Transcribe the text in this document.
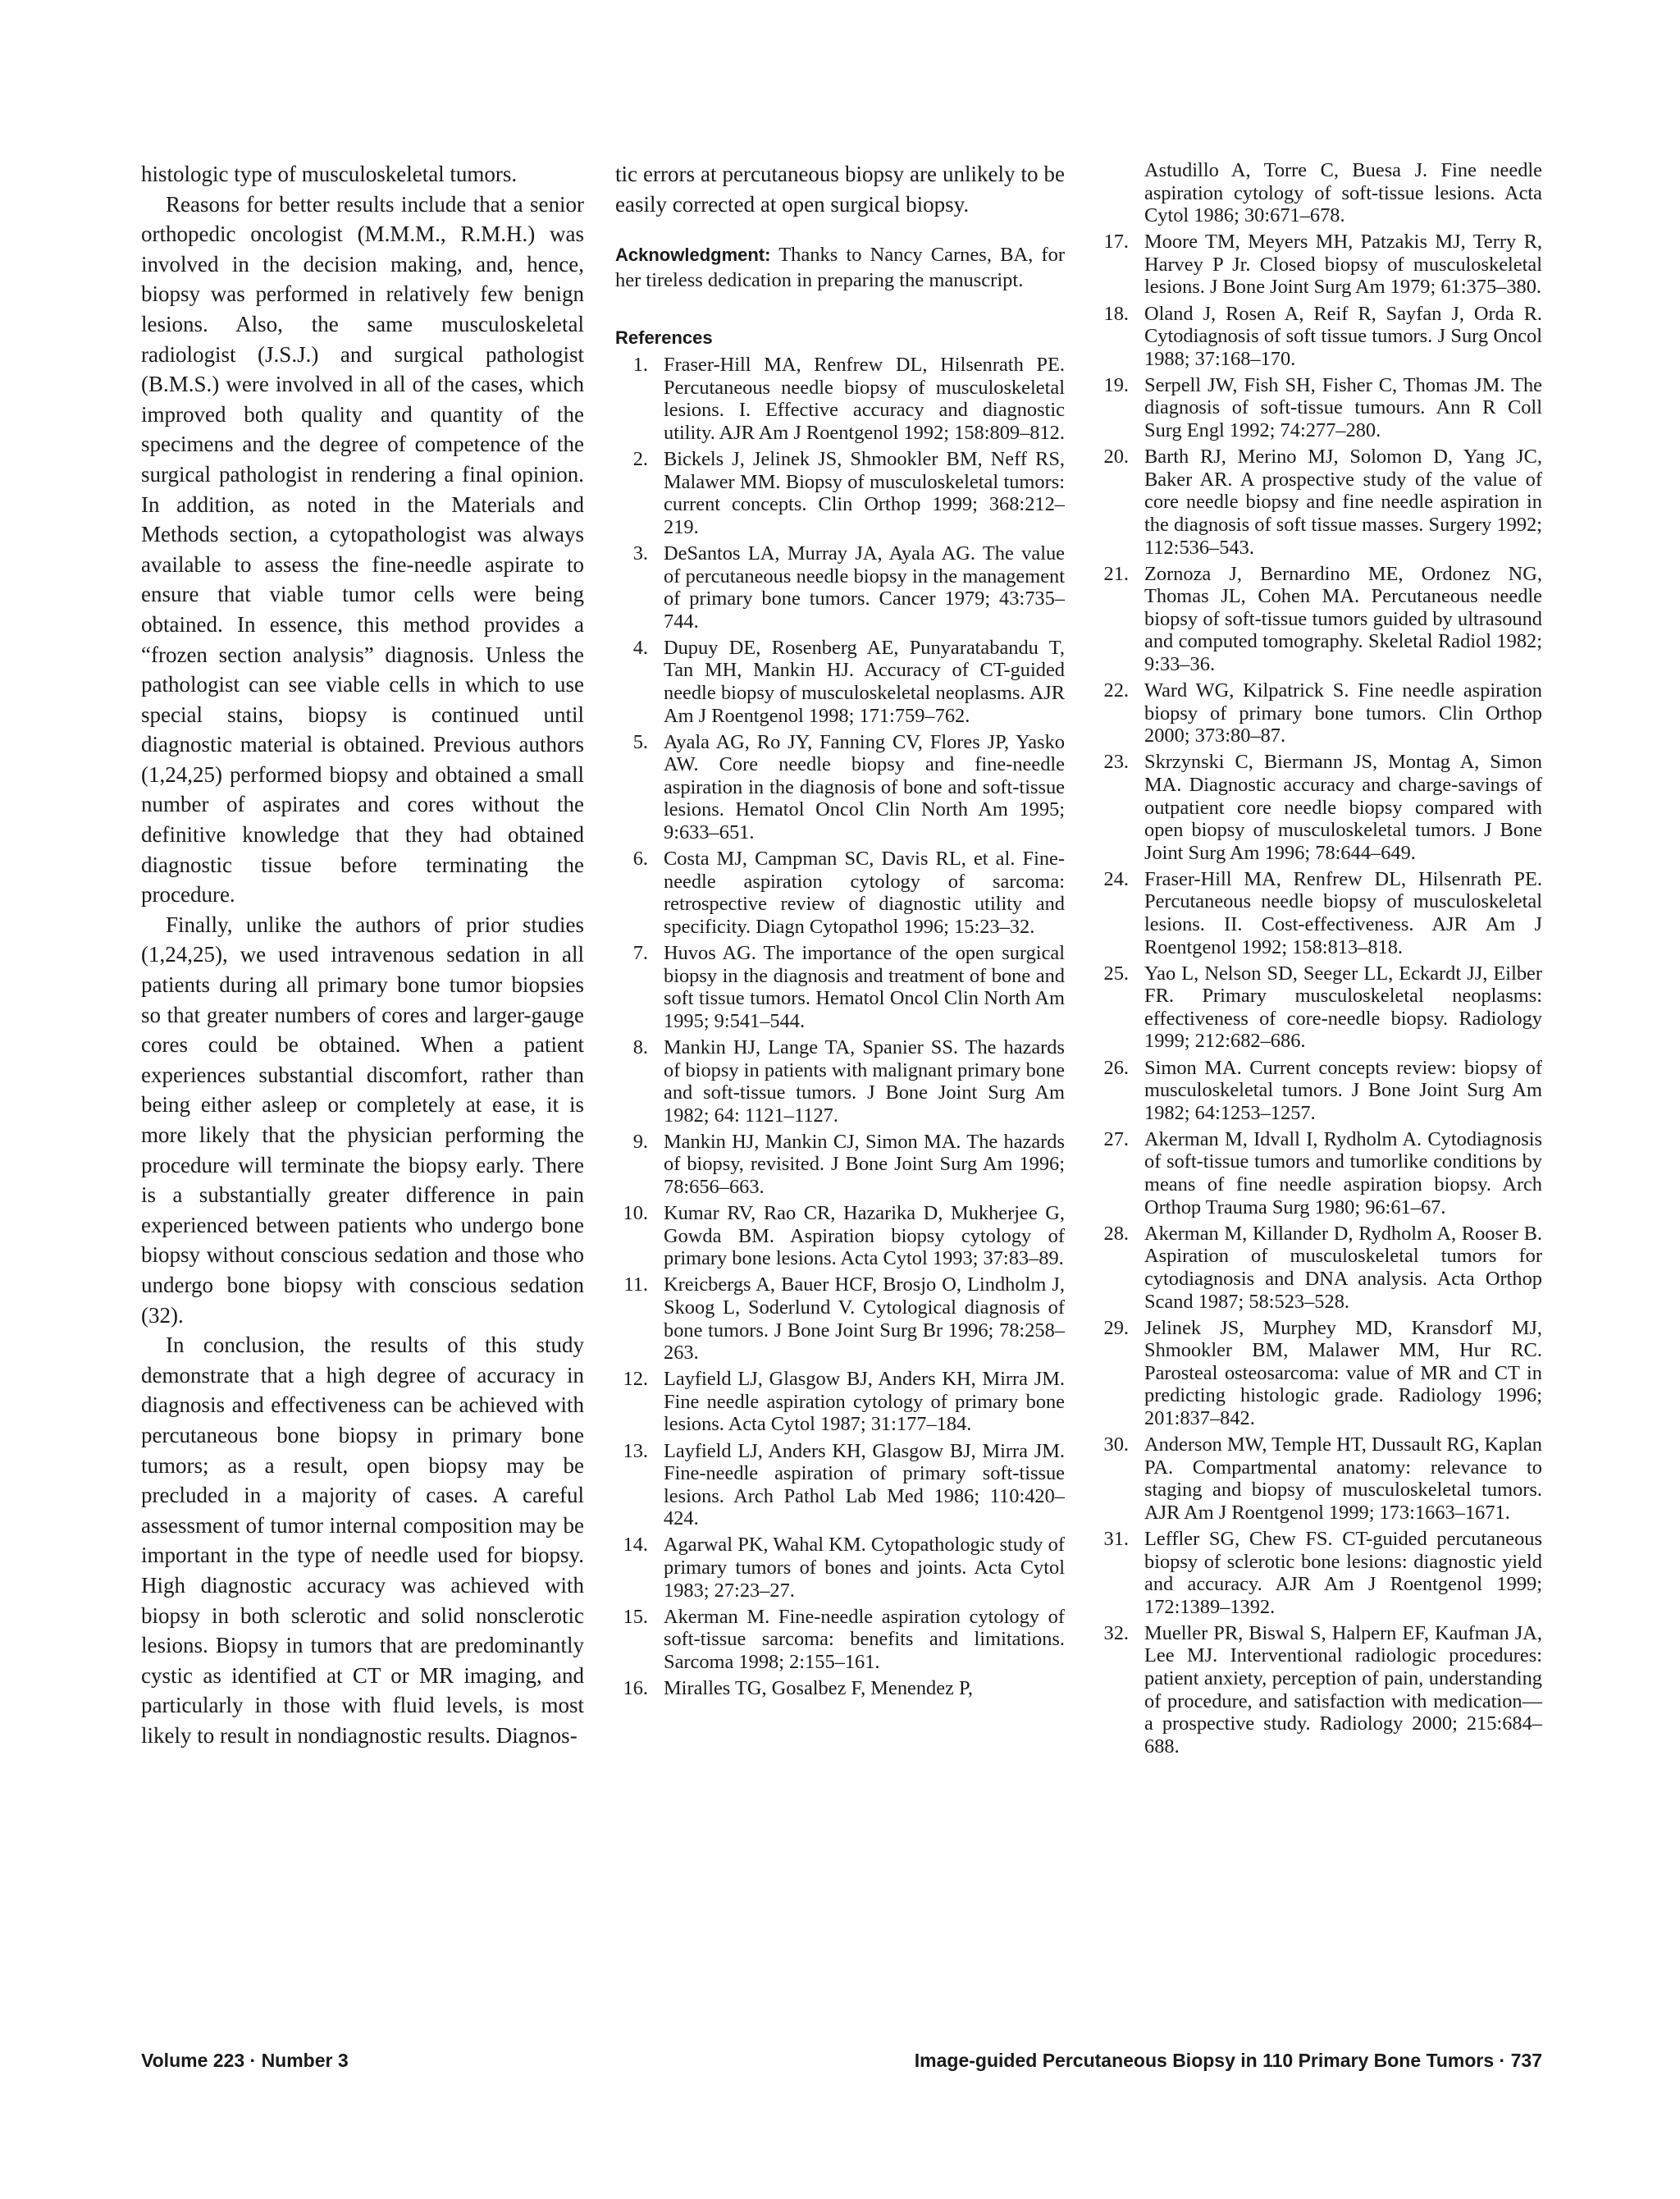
histologic type of musculoskeletal tumors.

Reasons for better results include that a senior orthopedic oncologist (M.M.M., R.M.H.) was involved in the decision making, and, hence, biopsy was performed in relatively few benign lesions. Also, the same musculoskeletal radiologist (J.S.J.) and surgical pathologist (B.M.S.) were involved in all of the cases, which improved both quality and quantity of the specimens and the degree of competence of the surgical pathologist in rendering a final opinion. In addition, as noted in the Materials and Methods section, a cytopathologist was always available to assess the fine-needle aspirate to ensure that viable tumor cells were being obtained. In essence, this method provides a “frozen section analysis” diagnosis. Unless the pathologist can see viable cells in which to use special stains, biopsy is continued until diagnostic material is obtained. Previous authors (1,24,25) performed biopsy and obtained a small number of aspirates and cores without the definitive knowledge that they had obtained diagnostic tissue before terminating the procedure.

Finally, unlike the authors of prior studies (1,24,25), we used intravenous sedation in all patients during all primary bone tumor biopsies so that greater numbers of cores and larger-gauge cores could be obtained. When a patient experiences substantial discomfort, rather than being either asleep or completely at ease, it is more likely that the physician performing the procedure will terminate the biopsy early. There is a substantially greater difference in pain experienced between patients who undergo bone biopsy without conscious sedation and those who undergo bone biopsy with conscious sedation (32).

In conclusion, the results of this study demonstrate that a high degree of accuracy in diagnosis and effectiveness can be achieved with percutaneous bone biopsy in primary bone tumors; as a result, open biopsy may be precluded in a majority of cases. A careful assessment of tumor internal composition may be important in the type of needle used for biopsy. High diagnostic accuracy was achieved with biopsy in both sclerotic and solid nonsclerotic lesions. Biopsy in tumors that are predominantly cystic as identified at CT or MR imaging, and particularly in those with fluid levels, is most likely to result in nondiagnostic results. Diagnos-

tic errors at percutaneous biopsy are unlikely to be easily corrected at open surgical biopsy.

Acknowledgment: Thanks to Nancy Carnes, BA, for her tireless dedication in preparing the manuscript.
References
1. Fraser-Hill MA, Renfrew DL, Hilsenrath PE. Percutaneous needle biopsy of musculoskeletal lesions. I. Effective accuracy and diagnostic utility. AJR Am J Roentgenol 1992; 158:809–812.
2. Bickels J, Jelinek JS, Shmookler BM, Neff RS, Malawer MM. Biopsy of musculoskeletal tumors: current concepts. Clin Orthop 1999; 368:212–219.
3. DeSantos LA, Murray JA, Ayala AG. The value of percutaneous needle biopsy in the management of primary bone tumors. Cancer 1979; 43:735–744.
4. Dupuy DE, Rosenberg AE, Punyaratabandu T, Tan MH, Mankin HJ. Accuracy of CT-guided needle biopsy of musculoskeletal neoplasms. AJR Am J Roentgenol 1998; 171:759–762.
5. Ayala AG, Ro JY, Fanning CV, Flores JP, Yasko AW. Core needle biopsy and fine-needle aspiration in the diagnosis of bone and soft-tissue lesions. Hematol Oncol Clin North Am 1995; 9:633–651.
6. Costa MJ, Campman SC, Davis RL, et al. Fine-needle aspiration cytology of sarcoma: retrospective review of diagnostic utility and specificity. Diagn Cytopathol 1996; 15:23–32.
7. Huvos AG. The importance of the open surgical biopsy in the diagnosis and treatment of bone and soft tissue tumors. Hematol Oncol Clin North Am 1995; 9:541–544.
8. Mankin HJ, Lange TA, Spanier SS. The hazards of biopsy in patients with malignant primary bone and soft-tissue tumors. J Bone Joint Surg Am 1982; 64: 1121–1127.
9. Mankin HJ, Mankin CJ, Simon MA. The hazards of biopsy, revisited. J Bone Joint Surg Am 1996; 78:656–663.
10. Kumar RV, Rao CR, Hazarika D, Mukherjee G, Gowda BM. Aspiration biopsy cytology of primary bone lesions. Acta Cytol 1993; 37:83–89.
11. Kreicbergs A, Bauer HCF, Brosjo O, Lindholm J, Skoog L, Soderlund V. Cytological diagnosis of bone tumors. J Bone Joint Surg Br 1996; 78:258–263.
12. Layfield LJ, Glasgow BJ, Anders KH, Mirra JM. Fine needle aspiration cytology of primary bone lesions. Acta Cytol 1987; 31:177–184.
13. Layfield LJ, Anders KH, Glasgow BJ, Mirra JM. Fine-needle aspiration of primary soft-tissue lesions. Arch Pathol Lab Med 1986; 110:420–424.
14. Agarwal PK, Wahal KM. Cytopathologic study of primary tumors of bones and joints. Acta Cytol 1983; 27:23–27.
15. Akerman M. Fine-needle aspiration cytology of soft-tissue sarcoma: benefits and limitations. Sarcoma 1998; 2:155–161.
16. Miralles TG, Gosalbez F, Menendez P,
Astudillo A, Torre C, Buesa J. Fine needle aspiration cytology of soft-tissue lesions. Acta Cytol 1986; 30:671–678.
17. Moore TM, Meyers MH, Patzakis MJ, Terry R, Harvey P Jr. Closed biopsy of musculoskeletal lesions. J Bone Joint Surg Am 1979; 61:375–380.
18. Oland J, Rosen A, Reif R, Sayfan J, Orda R. Cytodiagnosis of soft tissue tumors. J Surg Oncol 1988; 37:168–170.
19. Serpell JW, Fish SH, Fisher C, Thomas JM. The diagnosis of soft-tissue tumours. Ann R Coll Surg Engl 1992; 74:277–280.
20. Barth RJ, Merino MJ, Solomon D, Yang JC, Baker AR. A prospective study of the value of core needle biopsy and fine needle aspiration in the diagnosis of soft tissue masses. Surgery 1992; 112:536–543.
21. Zornoza J, Bernardino ME, Ordonez NG, Thomas JL, Cohen MA. Percutaneous needle biopsy of soft-tissue tumors guided by ultrasound and computed tomography. Skeletal Radiol 1982; 9:33–36.
22. Ward WG, Kilpatrick S. Fine needle aspiration biopsy of primary bone tumors. Clin Orthop 2000; 373:80–87.
23. Skrzynski C, Biermann JS, Montag A, Simon MA. Diagnostic accuracy and charge-savings of outpatient core needle biopsy compared with open biopsy of musculoskeletal tumors. J Bone Joint Surg Am 1996; 78:644–649.
24. Fraser-Hill MA, Renfrew DL, Hilsenrath PE. Percutaneous needle biopsy of musculoskeletal lesions. II. Cost-effectiveness. AJR Am J Roentgenol 1992; 158:813–818.
25. Yao L, Nelson SD, Seeger LL, Eckardt JJ, Eilber FR. Primary musculoskeletal neoplasms: effectiveness of core-needle biopsy. Radiology 1999; 212:682–686.
26. Simon MA. Current concepts review: biopsy of musculoskeletal tumors. J Bone Joint Surg Am 1982; 64:1253–1257.
27. Akerman M, Idvall I, Rydholm A. Cytodiagnosis of soft-tissue tumors and tumorlike conditions by means of fine needle aspiration biopsy. Arch Orthop Trauma Surg 1980; 96:61–67.
28. Akerman M, Killander D, Rydholm A, Rooser B. Aspiration of musculoskeletal tumors for cytodiagnosis and DNA analysis. Acta Orthop Scand 1987; 58:523–528.
29. Jelinek JS, Murphey MD, Kransdorf MJ, Shmookler BM, Malawer MM, Hur RC. Parosteal osteosarcoma: value of MR and CT in predicting histologic grade. Radiology 1996; 201:837–842.
30. Anderson MW, Temple HT, Dussault RG, Kaplan PA. Compartmental anatomy: relevance to staging and biopsy of musculoskeletal tumors. AJR Am J Roentgenol 1999; 173:1663–1671.
31. Leffler SG, Chew FS. CT-guided percutaneous biopsy of sclerotic bone lesions: diagnostic yield and accuracy. AJR Am J Roentgenol 1999; 172:1389–1392.
32. Mueller PR, Biswal S, Halpern EF, Kaufman JA, Lee MJ. Interventional radiologic procedures: patient anxiety, perception of pain, understanding of procedure, and satisfaction with medication—a prospective study. Radiology 2000; 215:684–688.
Volume 223 · Number 3	Image-guided Percutaneous Biopsy in 110 Primary Bone Tumors · 737
